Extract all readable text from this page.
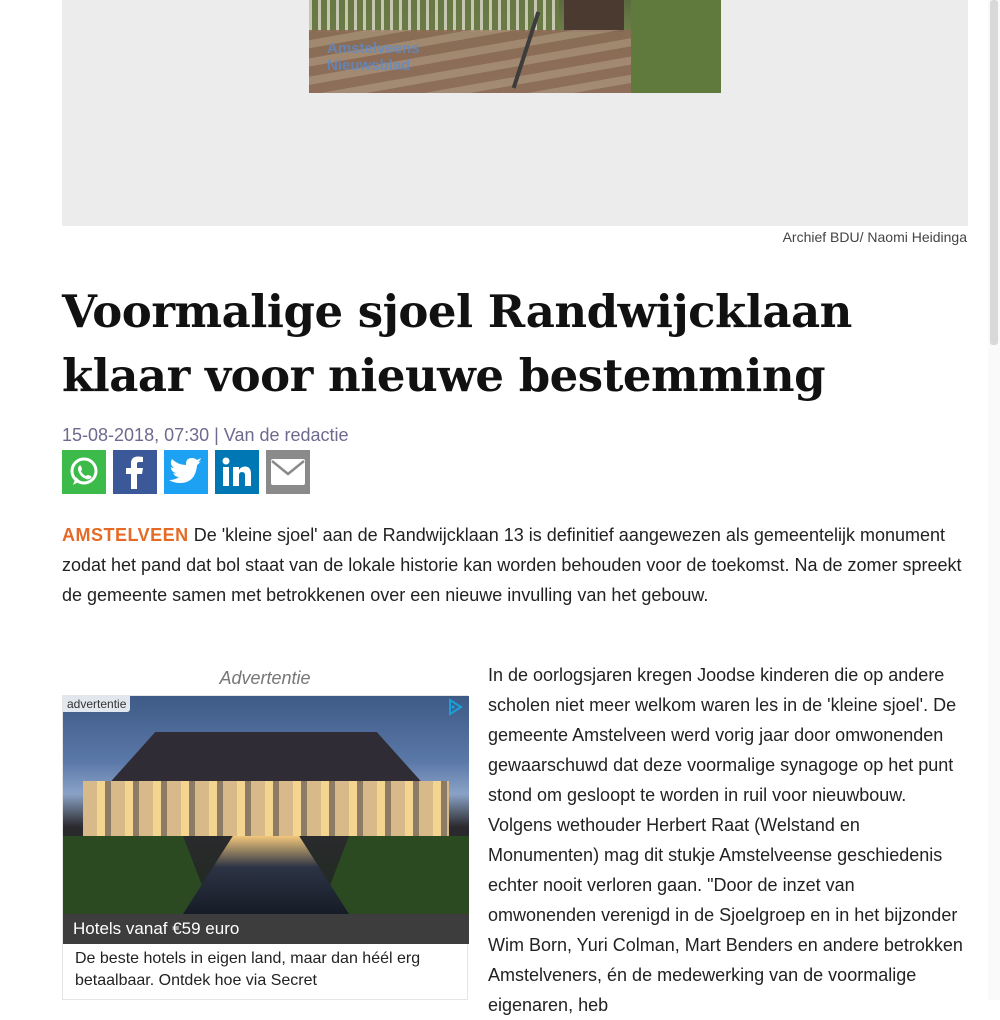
Amstelveens
Nieuwsblad
Archief BDU/ Naomi Heidinga
Voormalige sjoel Randwijcklaan klaar voor nieuwe bestemming
15-08-2018, 07:30 | Van de redactie

AMSTELVEEN De 'kleine sjoel' aan de Randwijcklaan 13 is definitief aangewezen als gemeentelijk monument zodat het pand dat bol staat van de lokale historie kan worden behouden voor de toekomst. Na de zomer spreekt de gemeente samen met betrokkenen over een nieuwe invulling van het gebouw.

Advertentie
advertentie
Hotels vanaf €59 euro
De beste hotels in eigen land, maar dan héél erg betaalbaar. Ontdek hoe via Secret

In de oorlogsjaren kregen Joodse kinderen die op andere scholen niet meer welkom waren les in de 'kleine sjoel'. De gemeente Amstelveen werd vorig jaar door omwonenden gewaarschuwd dat deze voormalige synagoge op het punt stond om gesloopt te worden in ruil voor nieuwbouw. Volgens wethouder Herbert Raat (Welstand en Monumenten) mag dit stukje Amstelveense geschiedenis echter nooit verloren gaan. "Door de inzet van omwonenden verenigd in de Sjoelgroep en in het bijzonder Wim Born, Yuri Colman, Mart Benders en andere betrokken Amstelveners, én de medewerking van de voormalige eigenaren, heb
